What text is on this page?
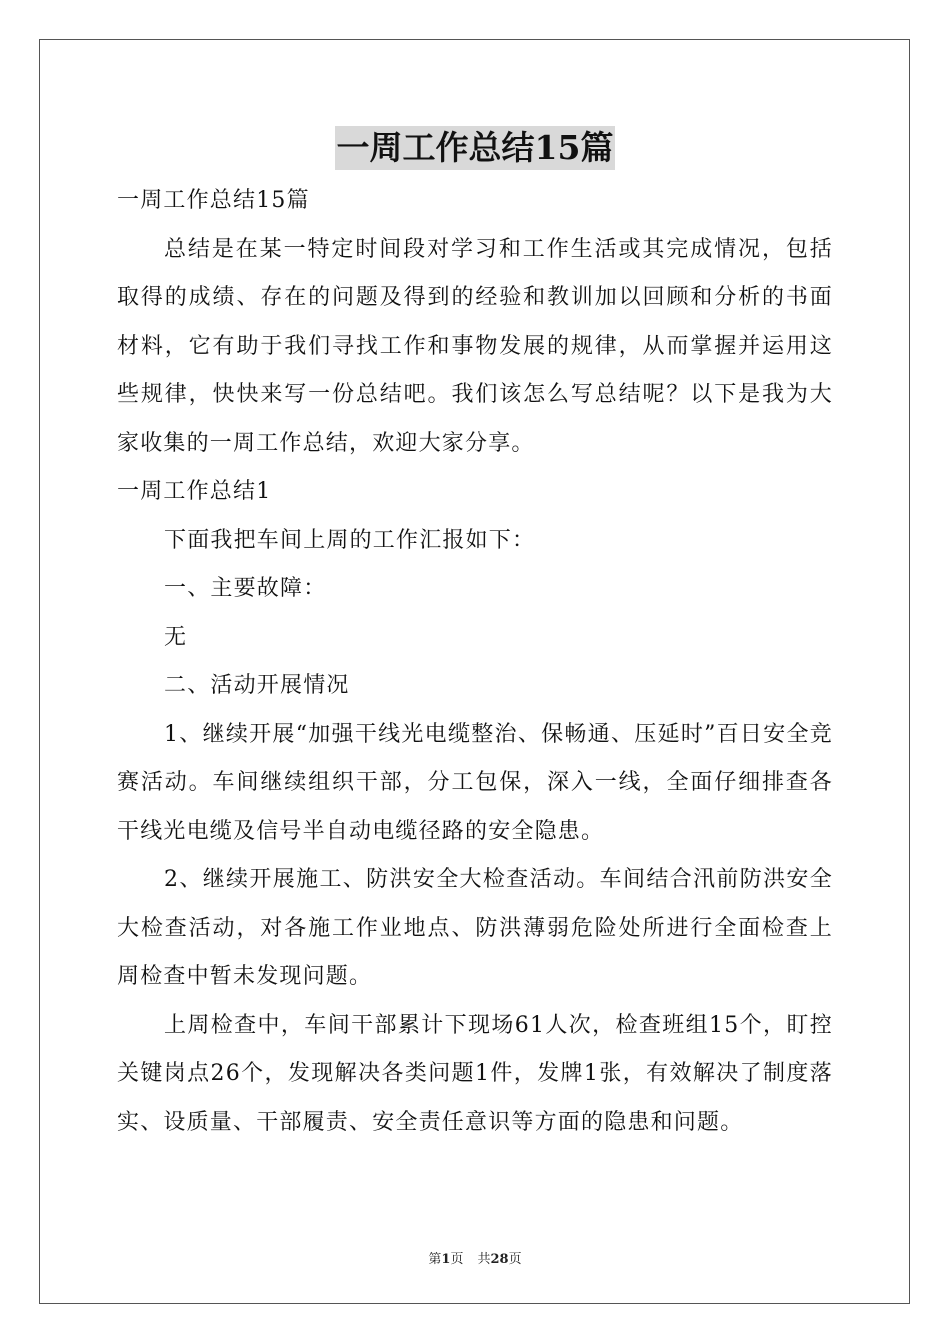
一周工作总结15篇

一周工作总结15篇

总结是在某一特定时间段对学习和工作生活或其完成情况，包括取得的成绩、存在的问题及得到的经验和教训加以回顾和分析的书面材料，它有助于我们寻找工作和事物发展的规律，从而掌握并运用这些规律，快快来写一份总结吧。我们该怎么写总结呢？以下是我为大家收集的一周工作总结，欢迎大家分享。

一周工作总结1

下面我把车间上周的工作汇报如下：

一、主要故障：

无

二、活动开展情况

1、继续开展“加强干线光电缆整治、保畅通、压延时”百日安全竞赛活动。车间继续组织干部，分工包保，深入一线，全面仔细排查各干线光电缆及信号半自动电缆径路的安全隐患。

2、继续开展施工、防洪安全大检查活动。车间结合汛前防洪安全大检查活动，对各施工作业地点、防洪薄弱危险处所进行全面检查上周检查中暂未发现问题。

上周检查中，车间干部累计下现场61人次，检查班组15个，盯控关键岗点26个，发现解决各类问题1件，发牌1张，有效解决了制度落实、设质量、干部履责、安全责任意识等方面的隐患和问题。

第1页 共28页
